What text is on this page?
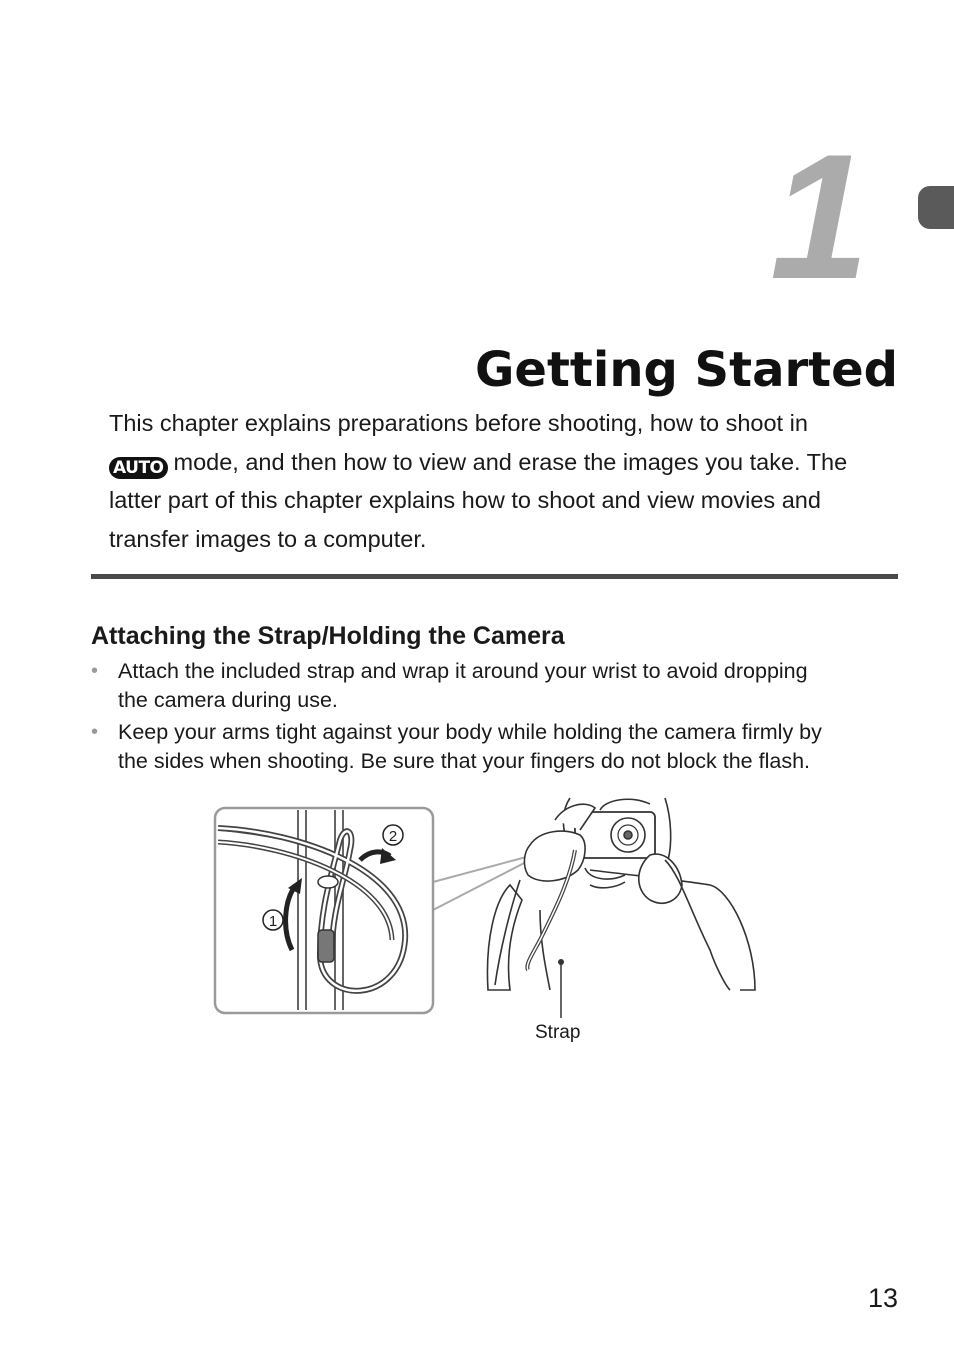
1
Getting Started
This chapter explains preparations before shooting, how to shoot in
AUTO mode, and then how to view and erase the images you take. The
latter part of this chapter explains how to shoot and view movies and
transfer images to a computer.
Attaching the Strap/Holding the Camera
• Attach the included strap and wrap it around your wrist to avoid dropping
the camera during use.
• Keep your arms tight against your body while holding the camera firmly by
the sides when shooting. Be sure that your fingers do not block the flash.
1
2
Strap
13
